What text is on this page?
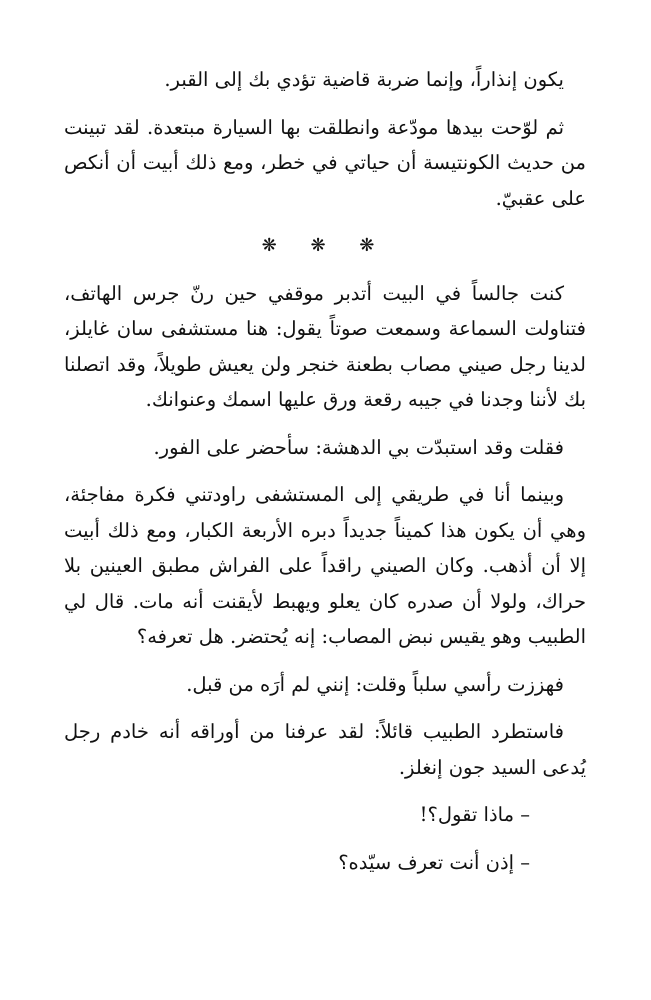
يكون إنذاراً، وإنما ضربة قاضية تؤدي بك إلى القبر.

ثم لوّحت بيدها مودّعة وانطلقت بها السيارة مبتعدة. لقد تبينت من حديث الكونتيسة أن حياتي في خطر، ومع ذلك أبيت أن أنكص على عقبيّ.

❋ ❋ ❋

كنت جالساً في البيت أتدبر موقفي حين رنّ جرس الهاتف، فتناولت السماعة وسمعت صوتاً يقول: هنا مستشفى سان غايلز، لدينا رجل صيني مصاب بطعنة خنجر ولن يعيش طويلاً، وقد اتصلنا بك لأننا وجدنا في جيبه رقعة ورق عليها اسمك وعنوانك.

فقلت وقد استبدّت بي الدهشة: سأحضر على الفور.

وبينما أنا في طريقي إلى المستشفى راودتني فكرة مفاجئة، وهي أن يكون هذا كميناً جديداً دبره الأربعة الكبار، ومع ذلك أبيت إلا أن أذهب. وكان الصيني راقداً على الفراش مطبق العينين بلا حراك، ولولا أن صدره كان يعلو ويهبط لأيقنت أنه مات. قال لي الطبيب وهو يقيس نبض المصاب: إنه يُحتضر. هل تعرفه؟

فهززت رأسي سلباً وقلت: إنني لم أرَه من قبل.

فاستطرد الطبيب قائلاً: لقد عرفنا من أوراقه أنه خادم رجل يُدعى السيد جون إنغلز.

– ماذا تقول؟!

– إذن أنت تعرف سيّده؟
